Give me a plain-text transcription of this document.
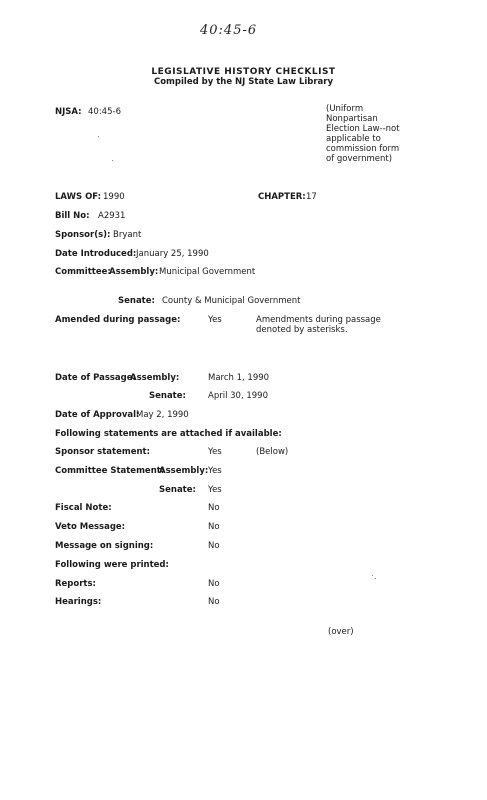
40:45-6
LEGISLATIVE HISTORY CHECKLIST
Compiled by the NJ State Law Library
NJSA: 40:45-6	(Uniform
Nonpartisan
Election Law--not
applicable to
commission form
of government)
LAWS OF: 1990	CHAPTER: 17
Bill No: A2931
Sponsor(s): Bryant
Date Introduced: January 25, 1990
Committee:
Assembly: Municipal Government
Senate: County & Municipal Government
Amended during passage:	Yes	Amendments during passage
denoted by asterisks.
Date of Passage:
Assembly:	March 1, 1990
Senate:	April 30, 1990
Date of Approval:
May 2, 1990
Following statements are attached if available:
Sponsor statement:	Yes	(Below)
Committee Statement:
Assembly: Yes
Senate: Yes
Fiscal Note:	No
Veto Message:	No
Message on signing:	No
Following were printed:
Reports:	No
Hearings:	No
(over)
